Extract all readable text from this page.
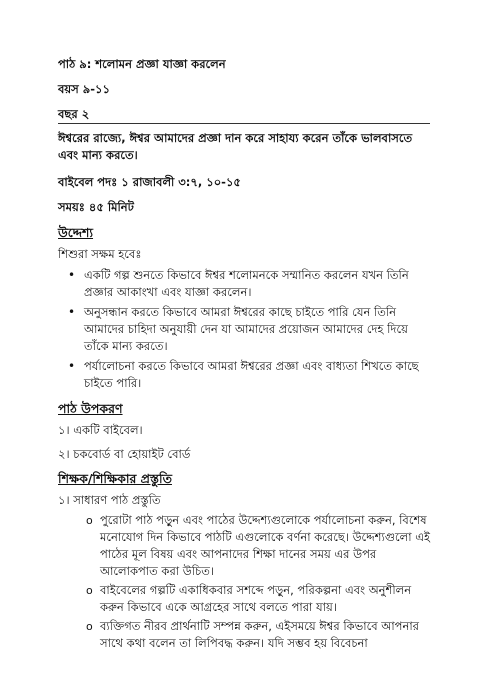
পাঠ ৯: শলোমন প্রজ্ঞা যাজ্ঞা করলেন

বয়স ৯-১১

বছর ২

ঈশ্বরের রাজ্যে, ঈশ্বর আমাদের প্রজ্ঞা দান করে সাহায্য করেন তাঁকে ভালবাসতে এবং মান্য করতে।

বাইবেল পদঃ ১ রাজাবলী ৩:৭, ১০-১৫

সময়ঃ ৪৫ মিনিট

উদ্দেশ্য

শিশুরা সক্ষম হবেঃ

• একটি গল্প শুনতে কিভাবে ঈশ্বর শলোমনকে সম্মানিত করলেন যখন তিনি প্রজ্ঞার আকাংখা এবং যাজ্ঞা করলেন।
• অনুসন্ধান করতে কিভাবে আমরা ঈশ্বরের কাছে চাইতে পারি যেন তিনি আমাদের চাহিদা অনুযায়ী দেন যা আমাদের প্রয়োজন আমাদের দেহ দিয়ে তাঁকে মান্য করতে।
• পর্যালোচনা করতে কিভাবে আমরা ঈশ্বরের প্রজ্ঞা এবং বাধ্যতা শিখতে কাছে চাইতে পারি।
পাঠ উপকরণ

১। একটি বাইবেল।

২। চকবোর্ড বা হোয়াইট বোর্ড

শিক্ষক/শিক্ষিকার প্রস্তুতি

১। সাধারণ পাঠ প্রস্তুতি

o পুরোটা পাঠ পড়ুন এবং পাঠের উদ্দেশ্যগুলোকে পর্যালোচনা করুন, বিশেষ মনোযোগ দিন কিভাবে পাঠটি এগুলোকে বর্ণনা করেছে। উদ্দেশ্যগুলো এই পাঠের মূল বিষয় এবং আপনাদের শিক্ষা দানের সময় এর উপর আলোকপাত করা উচিত।
o বাইবেলের গল্পটি একাধিকবার সশব্দে পড়ুন, পরিকল্পনা এবং অনুশীলন করুন কিভাবে একে আগ্রহের সাথে বলতে পারা যায়।
o ব্যক্তিগত নীরব প্রার্থনাটি সম্পন্ন করুন, এইসময়ে ঈশ্বর কিভাবে আপনার সাথে কথা বলেন তা লিপিবদ্ধ করুন। যদি সম্ভব হয় বিবেচনা
